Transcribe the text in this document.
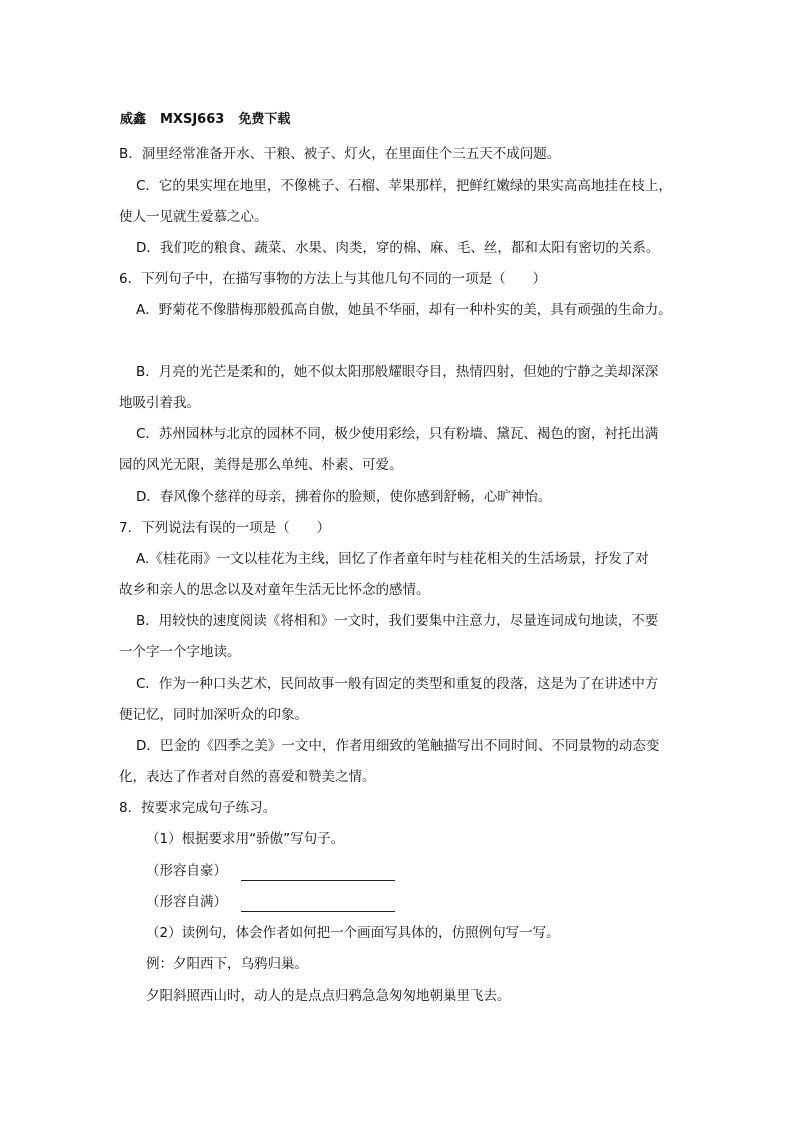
威鑫 MXSJ663 免费下载
B．洞里经常准备开水、干粮、被子、灯火，在里面住个三五天不成问题。
C．它的果实埋在地里，不像桃子、石榴、苹果那样，把鲜红嫩绿的果实高高地挂在枝上，
使人一见就生爱慕之心。
D．我们吃的粮食、蔬菜、水果、肉类，穿的棉、麻、毛、丝，都和太阳有密切的关系。
6．下列句子中，在描写事物的方法上与其他几句不同的一项是（　　）
A．野菊花不像腊梅那般孤高自傲，她虽不华丽，却有一种朴实的美，具有顽强的生命力。
B．月亮的光芒是柔和的，她不似太阳那般耀眼夺目，热情四射，但她的宁静之美却深深
地吸引着我。
C．苏州园林与北京的园林不同，极少使用彩绘，只有粉墙、黛瓦、褐色的窗，衬托出满
园的风光无限，美得是那么单纯、朴素、可爱。
D．春风像个慈祥的母亲，拂着你的脸颊，使你感到舒畅，心旷神怡。
7．下列说法有误的一项是（　　）
A.《桂花雨》一文以桂花为主线，回忆了作者童年时与桂花相关的生活场景，抒发了对
故乡和亲人的思念以及对童年生活无比怀念的感情。
B．用较快的速度阅读《将相和》一文时，我们要集中注意力，尽量连词成句地读，不要
一个字一个字地读。
C．作为一种口头艺术，民间故事一般有固定的类型和重复的段落，这是为了在讲述中方
便记忆，同时加深听众的印象。
D．巴金的《四季之美》一文中，作者用细致的笔触描写出不同时间、不同景物的动态变
化，表达了作者对自然的喜爱和赞美之情。
8．按要求完成句子练习。
（1）根据要求用“骄傲”写句子。
（形容自豪）
（形容自满）
（2）读例句，体会作者如何把一个画面写具体的，仿照例句写一写。
例：夕阳西下，乌鸦归巢。
夕阳斜照西山时，动人的是点点归鸦急急匆匆地朝巢里飞去。
